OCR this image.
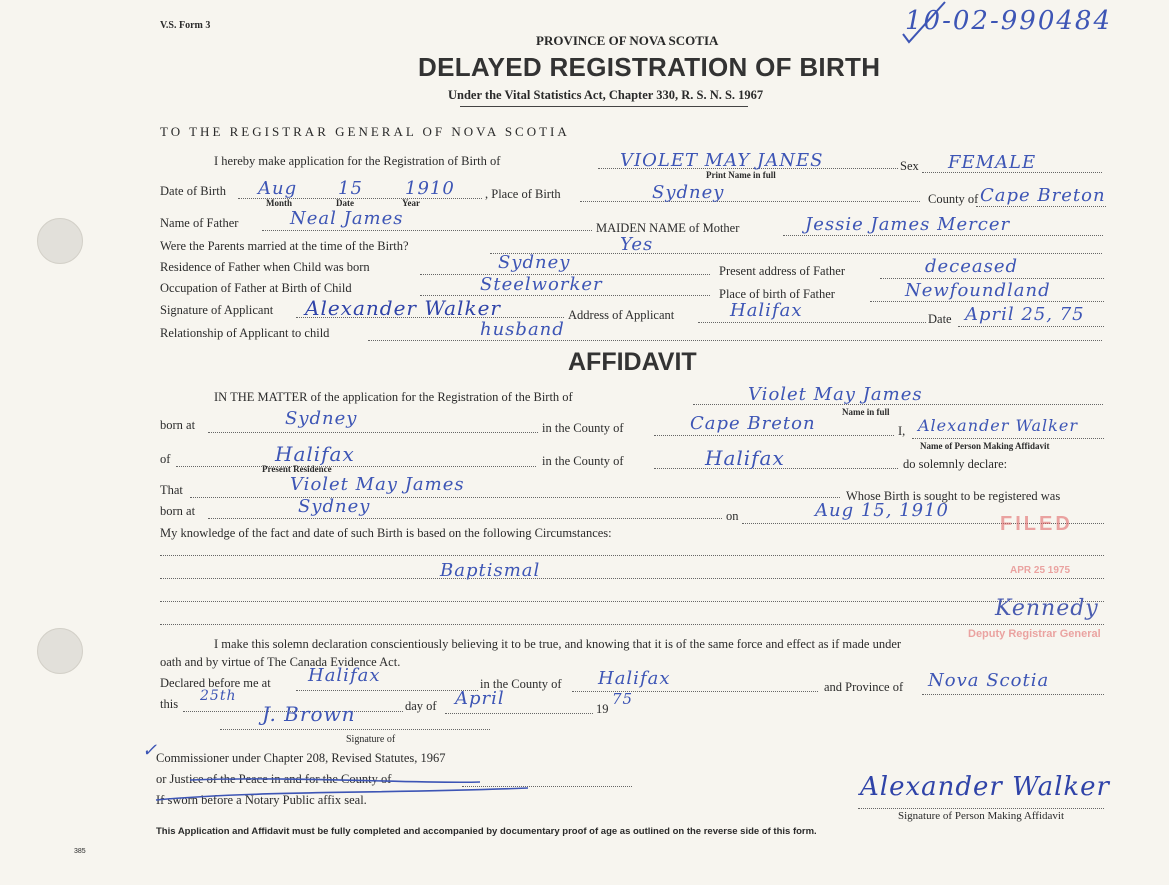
V.S. Form 3	10-02-990484
PROVINCE OF NOVA SCOTIA
DELAYED REGISTRATION OF BIRTH
Under the Vital Statistics Act, Chapter 330, R. S. N. S. 1967
TO THE REGISTRAR GENERAL OF NOVA SCOTIA
I hereby make application for the Registration of Birth of	VIOLET MAY JANES	Sex FEMALE
Print Name in full
Date of Birth Aug 15 1910
Month	Date	Year
, Place of Birth	Sydney	County of Cape Breton
Name of Father	Neal James	MAIDEN NAME of Mother	Jessie James Mercer
Were the Parents married at the time of the Birth?	Yes
Residence of Father when Child was born	Sydney	Present address of Father	deceased
Occupation of Father at Birth of Child	Steelworker	Place of birth of Father	Newfoundland
Signature of Applicant Alexander Walker	Address of Applicant	Halifax	Date April 25, 75
Relationship of Applicant to child	husband
AFFIDAVIT
IN THE MATTER of the application for the Registration of the Birth of	Violet May James
Name in full
born at	Sydney	in the County of	Cape Breton	I, Alexander Walker
Name of Person Making Affidavit
of	Halifax
Present Residence
in the County of	Halifax	do solemnly declare:
That	Violet May James
Whose Birth is sought to be registered was
born at	Sydney	on	Aug 15, 1910
My knowledge of the fact and date of such Birth is based on the following Circumstances:
Baptismal
I make this solemn declaration conscientiously believing it to be true, and knowing that it is of the same force and effect as if made under
oath and by virtue of The Canada Evidence Act.
Declared before me at Halifax	in the County of Halifax	and Province of Nova Scotia
this 25th
day of April	19
75
J. Brown
Signature of
✓
Commissioner under Chapter 208, Revised Statutes, 1967
or Justice of the Peace in and for the County of
If sworn before a Notary Public affix seal.	Alexander Walker
Signature of Person Making Affidavit
FILED
APR 25 1975
Kennedy
Deputy Registrar General
This Application and Affidavit must be fully completed and accompanied by documentary proof of age as outlined on the reverse side of this form.
385
